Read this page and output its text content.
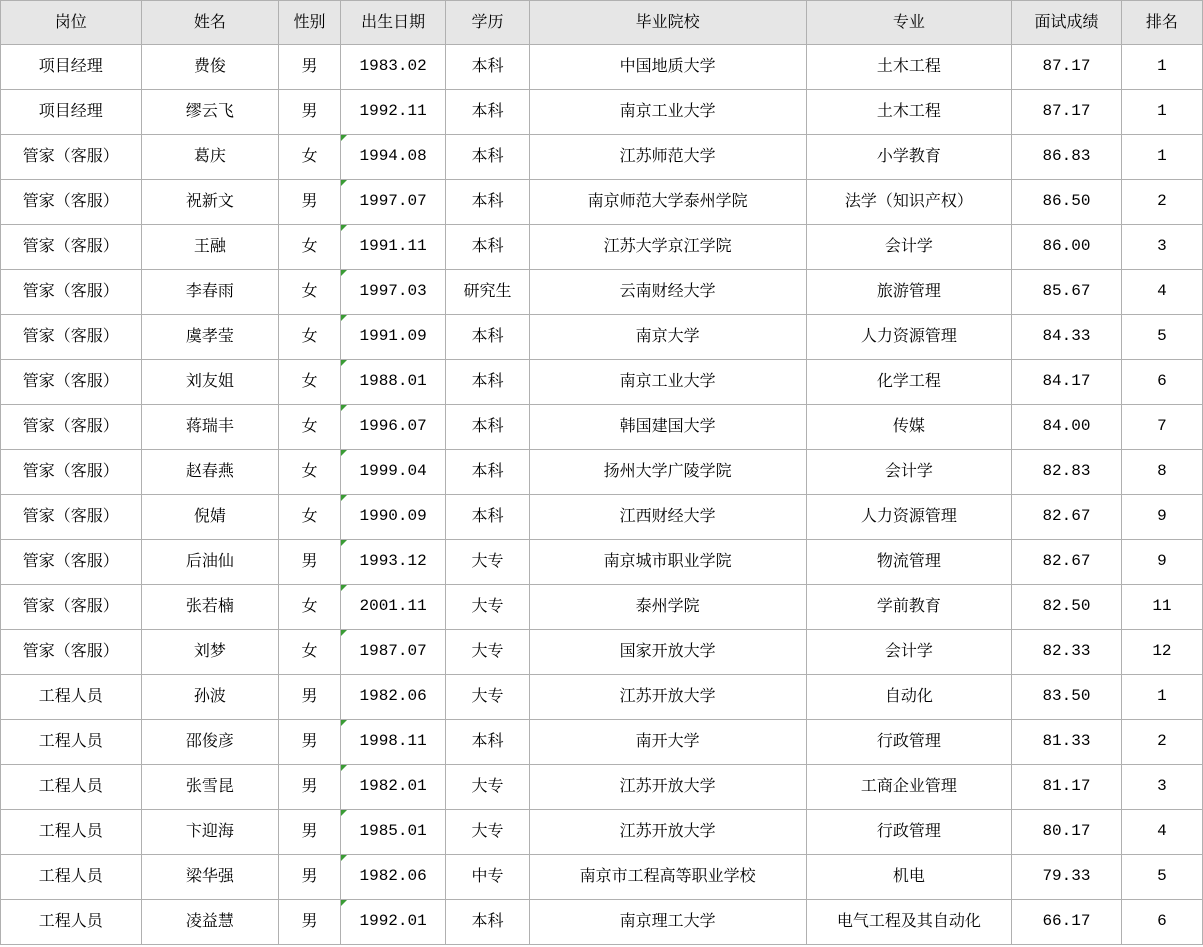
岗位	姓名	性别	出生日期	学历	毕业院校	专业	面试成绩	排名
项目经理	费俊	男	1983.02	本科	中国地质大学	土木工程	87.17	1
项目经理	缪云飞	男	1992.11	本科	南京工业大学	土木工程	87.17	1
管家（客服）	葛庆	女	1994.08	本科	江苏师范大学	小学教育	86.83	1
管家（客服）	祝新文	男	1997.07	本科	南京师范大学泰州学院	法学（知识产权）	86.50	2
管家（客服）	王融	女	1991.11	本科	江苏大学京江学院	会计学	86.00	3
管家（客服）	李春雨	女	1997.03	研究生	云南财经大学	旅游管理	85.67	4
管家（客服）	虞孝莹	女	1991.09	本科	南京大学	人力资源管理	84.33	5
管家（客服）	刘友姐	女	1988.01	本科	南京工业大学	化学工程	84.17	6
管家（客服）	蒋瑞丰	女	1996.07	本科	韩国建国大学	传媒	84.00	7
管家（客服）	赵春燕	女	1999.04	本科	扬州大学广陵学院	会计学	82.83	8
管家（客服）	倪婧	女	1990.09	本科	江西财经大学	人力资源管理	82.67	9
管家（客服）	后油仙	男	1993.12	大专	南京城市职业学院	物流管理	82.67	9
管家（客服）	张若楠	女	2001.11	大专	泰州学院	学前教育	82.50	11
管家（客服）	刘梦	女	1987.07	大专	国家开放大学	会计学	82.33	12
工程人员	孙波	男	1982.06	大专	江苏开放大学	自动化	83.50	1
工程人员	邵俊彦	男	1998.11	本科	南开大学	行政管理	81.33	2
工程人员	张雪昆	男	1982.01	大专	江苏开放大学	工商企业管理	81.17	3
工程人员	卞迎海	男	1985.01	大专	江苏开放大学	行政管理	80.17	4
工程人员	梁华强	男	1982.06	中专	南京市工程高等职业学校	机电	79.33	5
工程人员	凌益慧	男	1992.01	本科	南京理工大学	电气工程及其自动化	66.17	6
